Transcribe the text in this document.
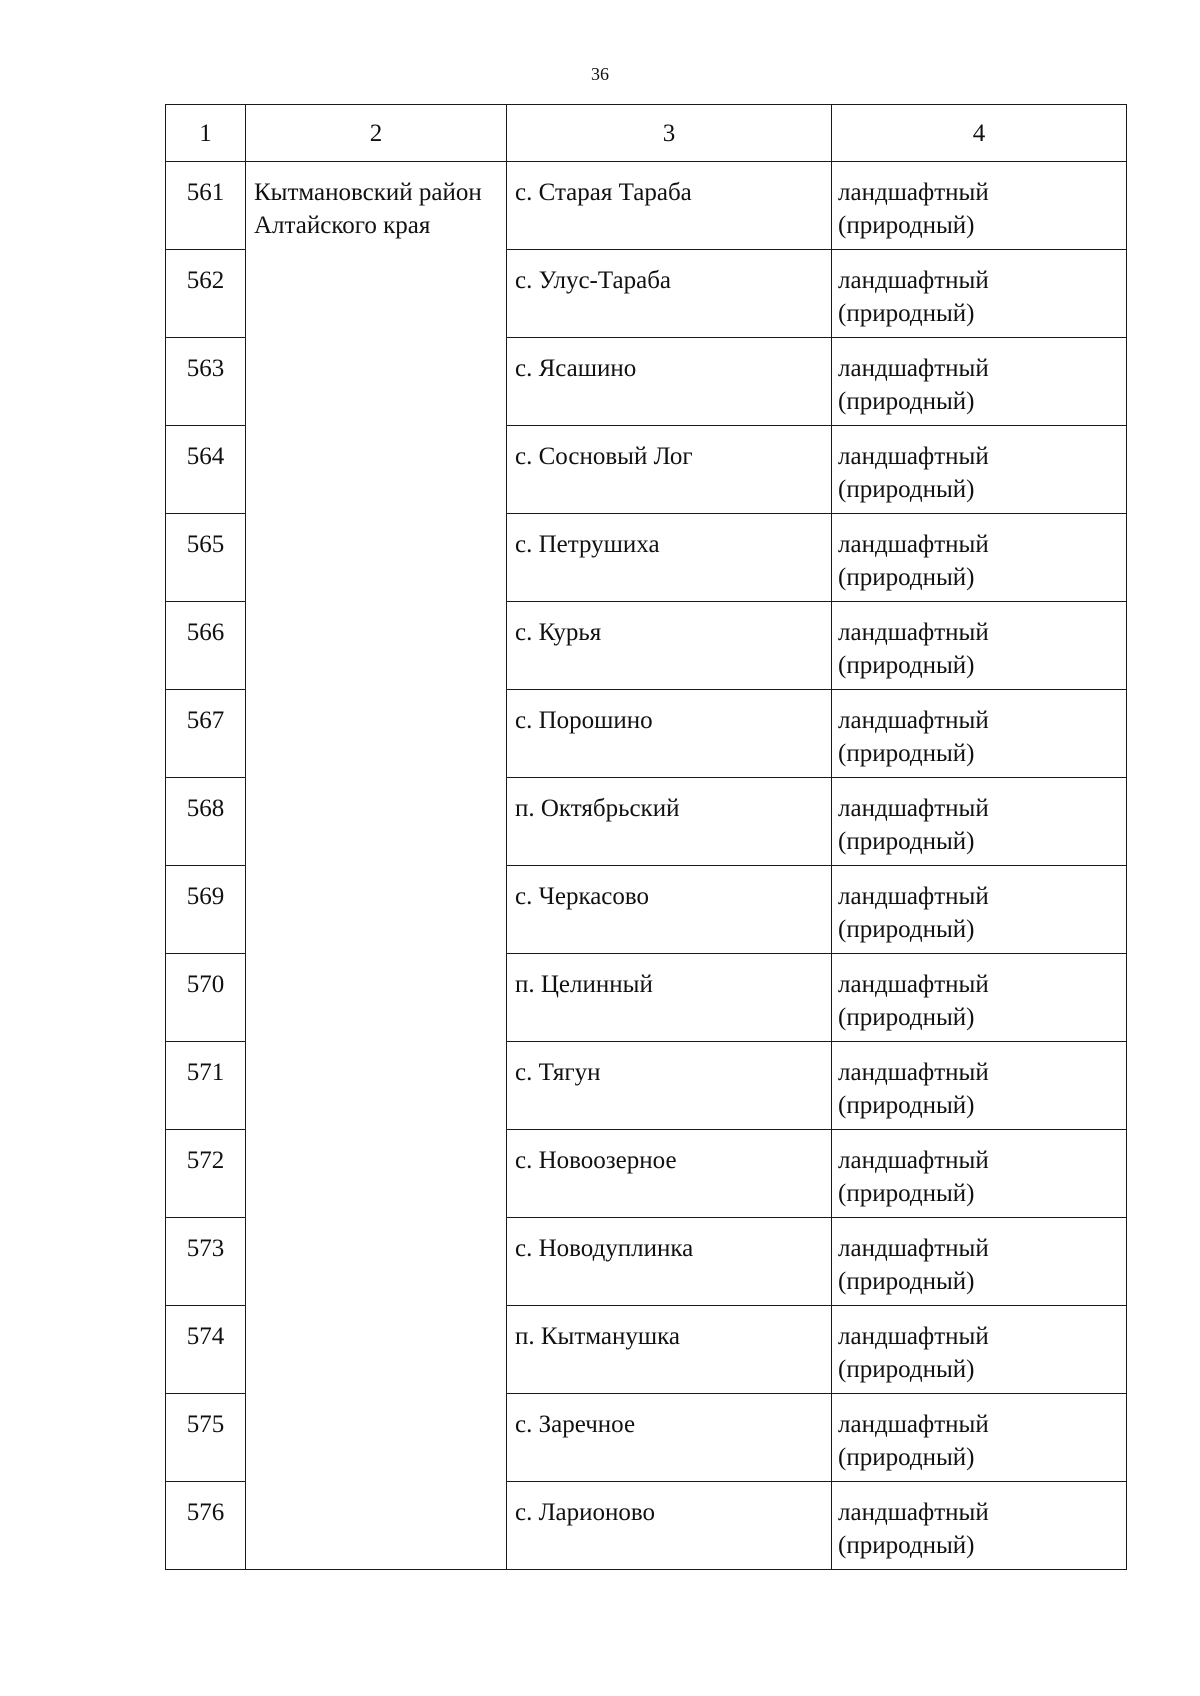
36
1	2	3	4
561	Кытмановский район Алтайского края	с. Старая Тараба	ландшафтный (природный)
562		с. Улус-Тараба	ландшафтный (природный)
563		с. Ясашино	ландшафтный (природный)
564		с. Сосновый Лог	ландшафтный (природный)
565		с. Петрушиха	ландшафтный (природный)
566		с. Курья	ландшафтный (природный)
567		с. Порошино	ландшафтный (природный)
568		п. Октябрьский	ландшафтный (природный)
569		с. Черкасово	ландшафтный (природный)
570		п. Целинный	ландшафтный (природный)
571		с. Тягун	ландшафтный (природный)
572		с. Новоозерное	ландшафтный (природный)
573		с. Новодуплинка	ландшафтный (природный)
574		п. Кытманушка	ландшафтный (природный)
575		с. Заречное	ландшафтный (природный)
576		с. Ларионово	ландшафтный (природный)
